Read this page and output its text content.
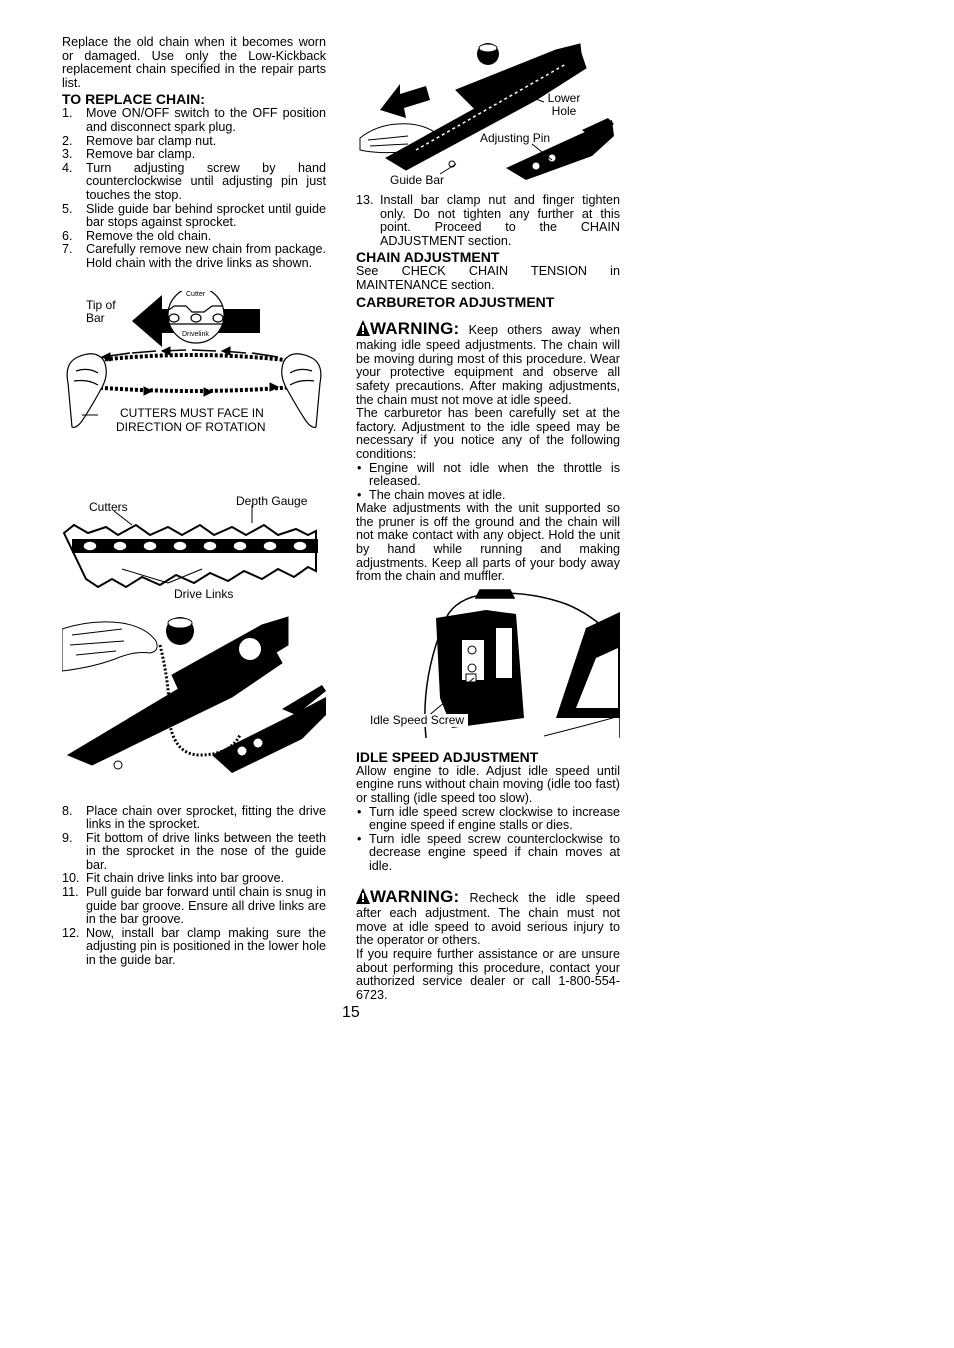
Replace the old chain when it becomes worn or damaged. Use only the Low-Kickback replacement chain specified in the repair parts list.

TO REPLACE CHAIN:
1. Move ON/OFF switch to the OFF position and disconnect spark plug.
2. Remove bar clamp nut.
3. Remove bar clamp.
4. Turn adjusting screw by hand counterclockwise until adjusting pin just touches the stop.
5. Slide guide bar behind sprocket until guide bar stops against sprocket.
6. Remove the old chain.
7. Carefully remove new chain from package. Hold chain with the drive links as shown.
Tip of Bar
Cutter
Drivelink
CUTTERS MUST FACE IN
DIRECTION OF ROTATION
Cutters	Depth Gauge
Drive Links
8. Place chain over sprocket, fitting the drive links in the sprocket.
9. Fit bottom of drive links between the teeth in the sprocket in the nose of the guide bar.
10. Fit chain drive links into bar groove.
11. Pull guide bar forward until chain is snug in guide bar groove. Ensure all drive links are in the bar groove.
12. Now, install bar clamp making sure the adjusting pin is positioned in the lower hole in the guide bar.
Lower Hole
Adjusting Pin
Guide Bar
13. Install bar clamp nut and finger tighten only. Do not tighten any further at this point. Proceed to the CHAIN ADJUSTMENT section.
CHAIN ADJUSTMENT

See CHECK CHAIN TENSION in MAINTENANCE section.

CARBURETOR ADJUSTMENT

WARNING: Keep others away when making idle speed adjustments. The chain will be moving during most of this procedure. Wear your protective equipment and observe all safety precautions. After making adjustments, the chain must not move at idle speed.

The carburetor has been carefully set at the factory. Adjustment to the idle speed may be necessary if you notice any of the following conditions:

• Engine will not idle when the throttle is released.
• The chain moves at idle.

Make adjustments with the unit supported so the pruner is off the ground and the chain will not make contact with any object. Hold the unit by hand while running and making adjustments. Keep all parts of your body away from the chain and muffler.

Idle Speed Screw
IDLE SPEED ADJUSTMENT

Allow engine to idle. Adjust idle speed until engine runs without chain moving (idle too fast) or stalling (idle speed too slow).

• Turn idle speed screw clockwise to increase engine speed if engine stalls or dies.
• Turn idle speed screw counterclockwise to decrease engine speed if chain moves at idle.

WARNING: Recheck the idle speed after each adjustment. The chain must not move at idle speed to avoid serious injury to the operator or others.

If you require further assistance or are unsure about performing this procedure, contact your authorized service dealer or call 1-800-554-6723.

15
